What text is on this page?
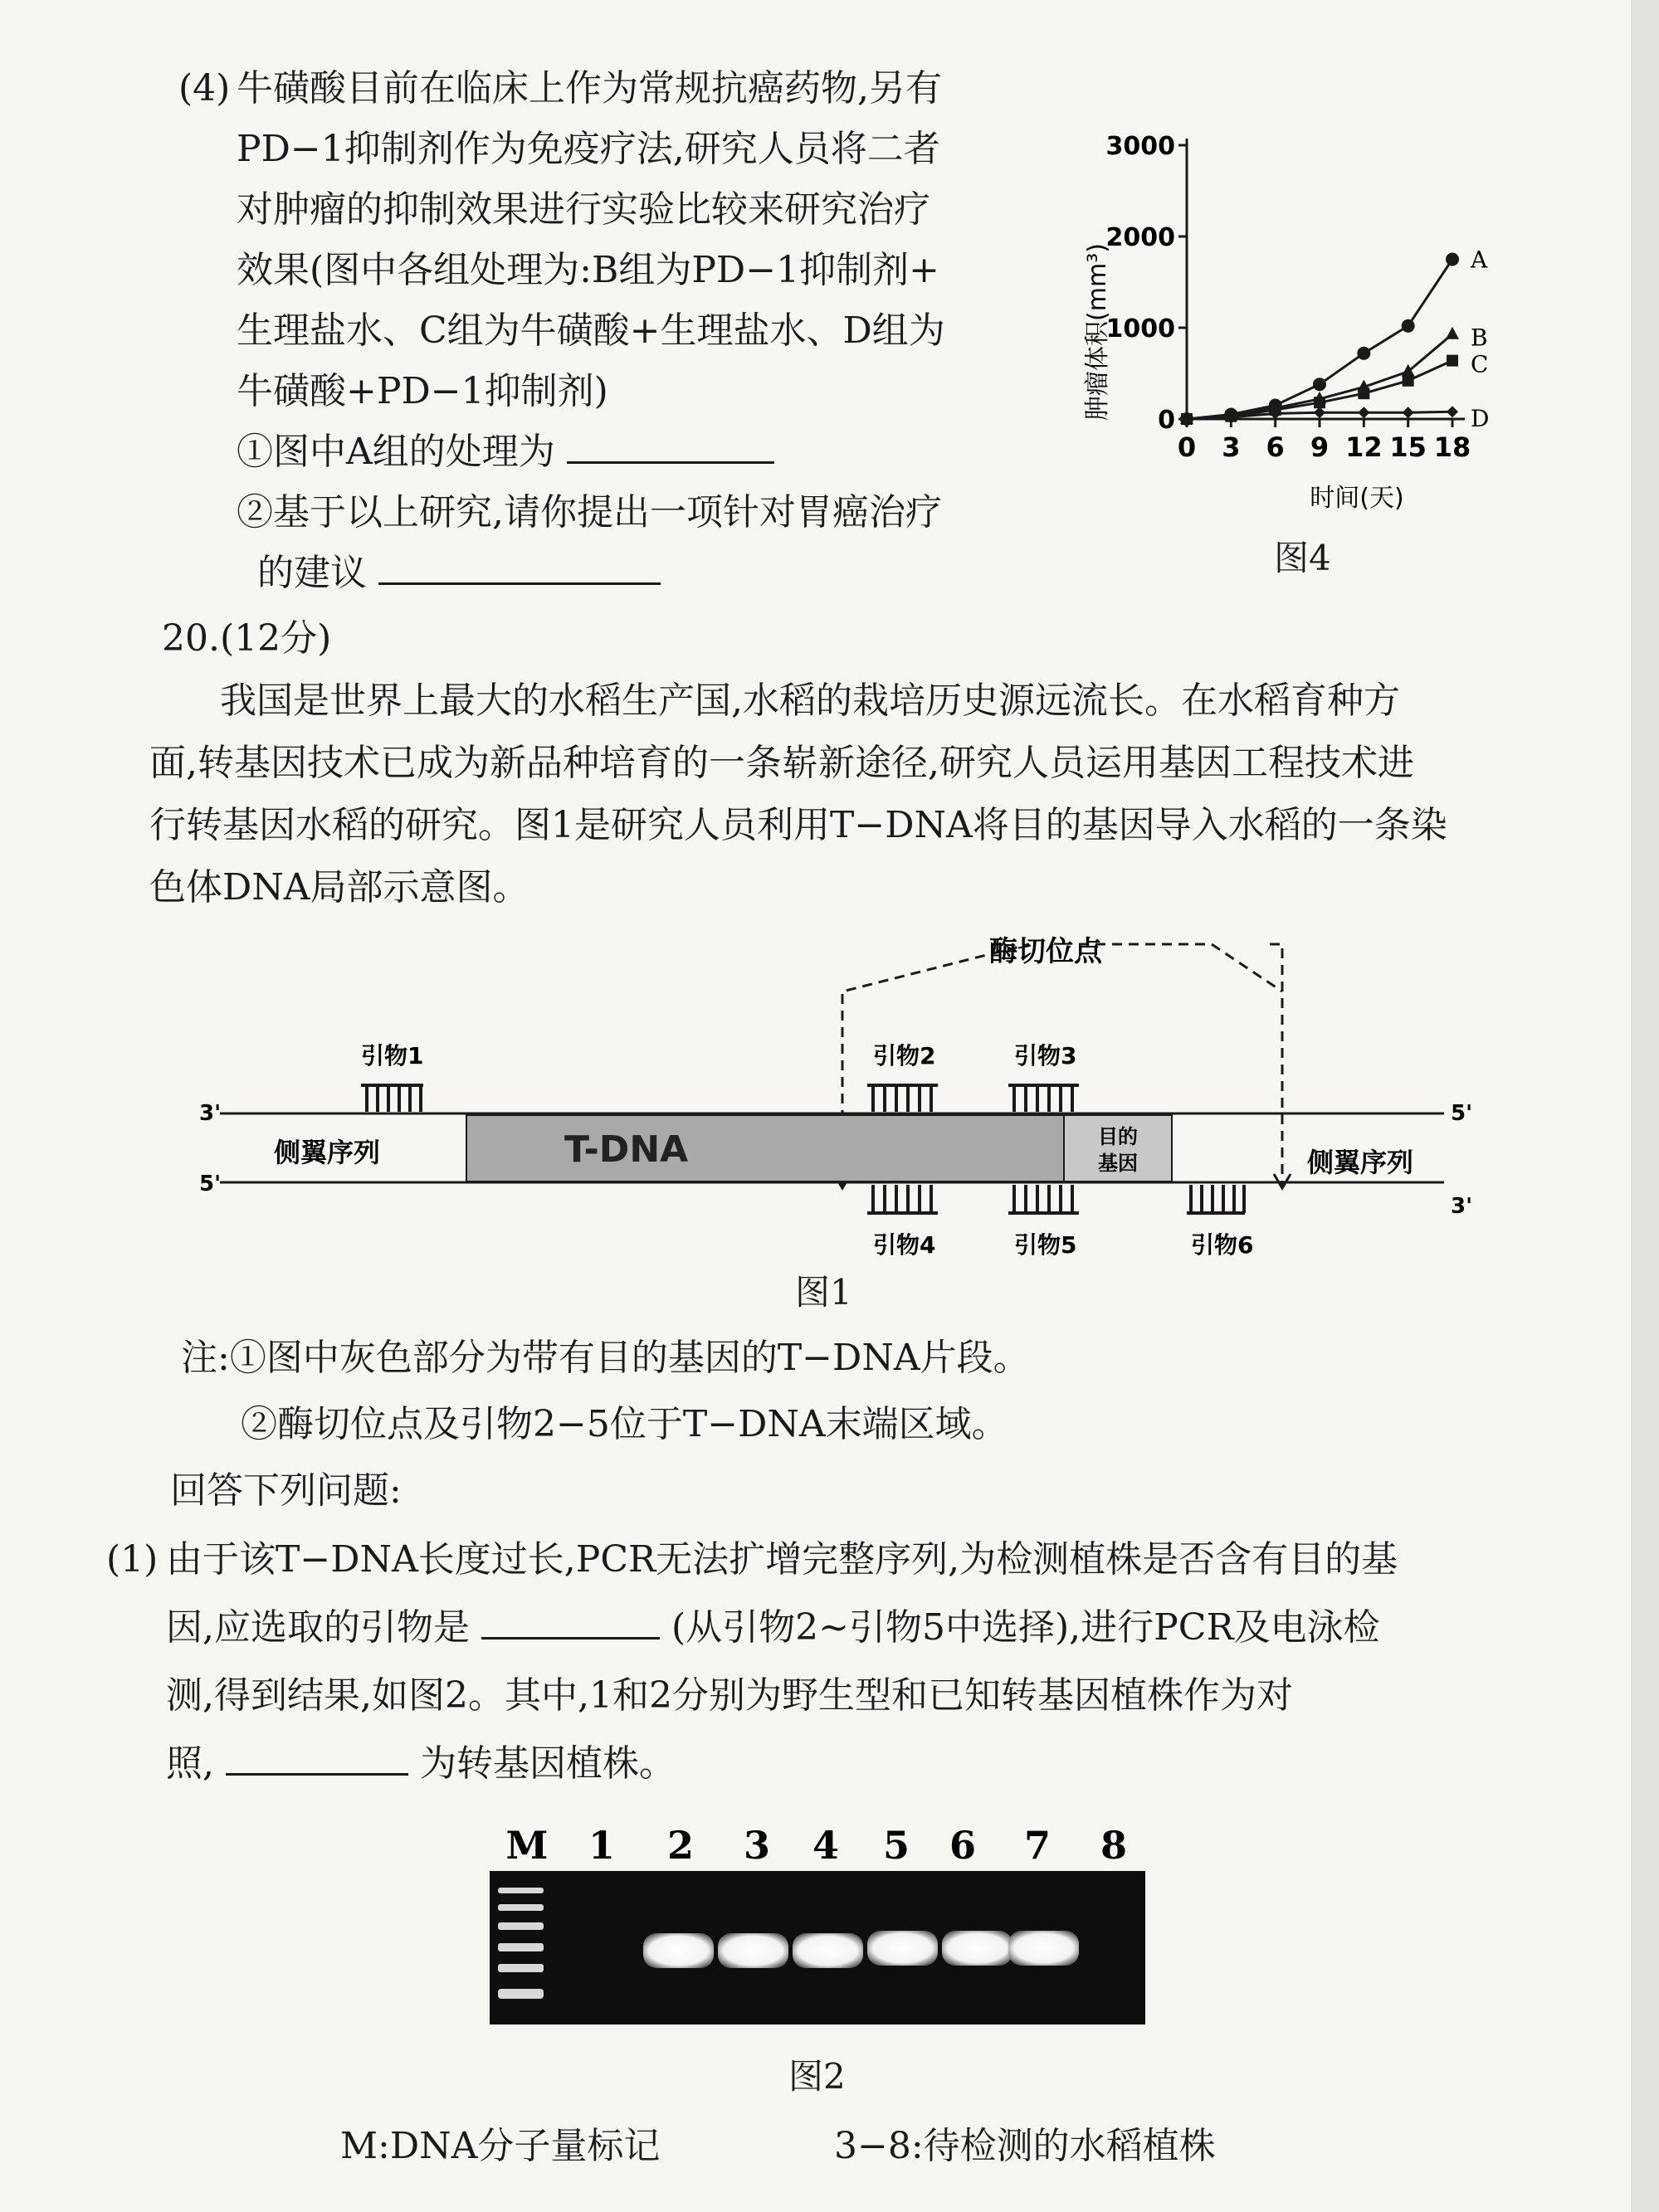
(4) 牛磺酸目前在临床上作为常规抗癌药物,另有
PD−1抑制剂作为免疫疗法,研究人员将二者
对肿瘤的抑制效果进行实验比较来研究治疗
效果(图中各组处理为:B组为PD−1抑制剂+
生理盐水、C组为牛磺酸+生理盐水、D组为
牛磺酸+PD−1抑制剂)
①图中A组的处理为
②基于以上研究,请你提出一项针对胃癌治疗
的建议
肿瘤体积(mm³)
时间(天)
0
1000
2000
3000
0 3 6 9 12 15 18
A
B
C
D
图4
20.(12分)
我国是世界上最大的水稻生产国,水稻的栽培历史源远流长。在水稻育种方
面,转基因技术已成为新品种培育的一条崭新途径,研究人员运用基因工程技术进
行转基因水稻的研究。图1是研究人员利用T−DNA将目的基因导入水稻的一条染
色体DNA局部示意图。
酶切位点
3'	5'
5'
3'
T-DNA	目的
基因
侧翼序列	侧翼序列
引物1	引物2	引物3
引物4	引物5	引物6
图1
注:①图中灰色部分为带有目的基因的T−DNA片段。
②酶切位点及引物2−5位于T−DNA末端区域。
回答下列问题:
(1) 由于该T−DNA长度过长,PCR无法扩增完整序列,为检测植株是否含有目的基
因,应选取的引物是	(从引物2~引物5中选择),进行PCR及电泳检
测,得到结果,如图2。其中,1和2分别为野生型和已知转基因植株作为对
照,	为转基因植株。
M 1 2 3 4 5 6 7 8
图2
M:DNA分子量标记	3−8:待检测的水稻植株
